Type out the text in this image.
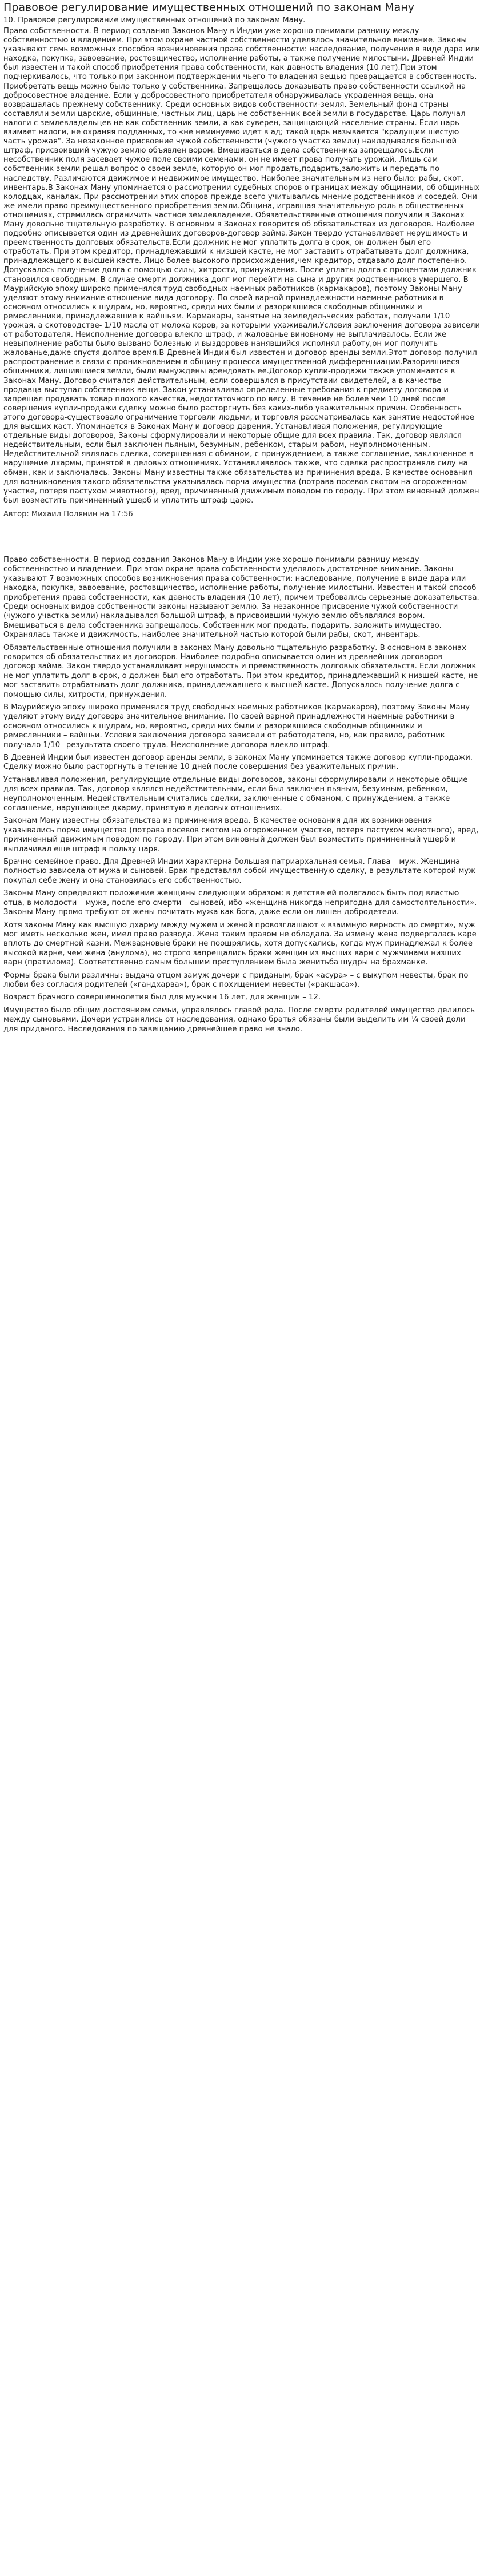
Правовое регулирование имущественных отношений по законам Ману
10. Правовое регулирование имущественных отношений по законам Ману.

Право собственности. В период создания Законов Ману в Индии уже хорошо понимали разницу между собственностью и владением. При этом охране частной собственности уделялось значительное внимание. Законы указывают семь возможных способов возникновения права собственности: наследование, получение в виде дара или находка, покупка, завоевание, ростовщичество, исполнение работы, а также получение милостыни. Древней Индии был известен и такой способ приобретения права собственности, как давность владения (10 лет).При этом подчеркивалось, что только при законном подтверждении чьего-то владения вещью превращается в собственность. Приобретать вещь можно было только у собственника. Запрещалось доказывать право собственности ссылкой на добросовестное владение. Если у добросовестного приобретателя обнаруживалась украденная вещь, она возвращалась прежнему собственнику. Среди основных видов собственности-земля. Земельный фонд страны составляли земли царские, общинные, частных лиц, царь не собственник всей земли в государстве. Царь получал налоги с землевладельцев не как собственник земли, а как суверен, защищающий население страны. Если царь взимает налоги, не охраняя подданных, то «не неминуемо идет в ад; такой царь называется "крадущим шестую часть урожая". За незаконное присвоение чужой собственности (чужого участка земли) накладывался большой штраф, присвоивший чужую землю объявлен вором. Вмешиваться в дела собственника запрещалось.Если несобственник поля засевает чужое поле своими семенами, он не имеет права получать урожай. Лишь сам собственник земли решал вопрос о своей земле, которую он мог продать,подарить,заложить и передать по наследству. Различаются движимое и недвижимое имущество. Наиболее значительным из него было: рабы, скот, инвентарь.В Законах Ману упоминается о рассмотрении судебных споров о границах между общинами, об общинных колодцах, каналах. При рассмотрении этих споров прежде всего учитывались мнение родственников и соседей. Они же имели право преимущественного приобретения земли.Община, игравшая значительную роль в общественных отношениях, стремилась ограничить частное землевладение. Обязательственные отношения получили в Законах Ману довольно тщательную разработку. В основном в Законах говорится об обязательствах из договоров. Наиболее подробно описывается один из древнейших договоров-договор займа.Закон твердо устанавливает нерушимость и преемственность долговых обязательств.Если должник не мог уплатить долга в срок, он должен был его отработать. При этом кредитор, принадлежавший к низшей касте, не мог заставить отрабатывать долг должника, принадлежащего к высшей касте. Лицо более высокого происхождения,чем кредитор, отдавало долг постепенно. Допускалось получение долга с помощью силы, хитрости, принуждения. После уплаты долга с процентами должник становился свободным. В случае смерти должника долг мог перейти на сына и других родственников умершего. В Маурийскую эпоху широко применялся труд свободных наемных работников (кармакаров), поэтому Законы Ману уделяют этому внимание отношение вида договору. По своей варной принадлежности наемные работники в основном относились к шудрам, но, вероятно, среди них были и разорившиеся свободные общинники и ремесленники, принадлежавшие к вайшьям. Кармакары, занятые на земледельческих работах, получали 1/10 урожая, а скотоводстве- 1/10 масла от молока коров, за которыми ухаживали.Условия заключения договора зависели от работодателя. Неисполнение договора влекло штраф, и жалованье виновному не выплачивалось. Если же невыполнение работы было вызвано болезнью и выздоровев нанявшийся исполнял работу,он мог получить жалованье,даже спустя долгое время.В Древней Индии был известен и договор аренды земли.Этот договор получил распространение в связи с проникновением в общину процесса имущественной дифференциации.Разорившиеся общинники, лишившиеся земли, были вынуждены арендовать ее.Договор купли-продажи также упоминается в Законах Ману. Договор считался действительным, если совершался в присутствии свидетелей, а в качестве продавца выступал собственник вещи. Закон устанавливал определенные требования к предмету договора и запрещал продавать товар плохого качества, недостаточного по весу. В течение не более чем 10 дней после совершения купли-продажи сделку можно было расторгнуть без каких-либо уважительных причин. Особенность этого договора-существовало ограничение торговли людьми, и торговля рассматривалась как занятие недостойное для высших каст. Упоминается в Законах Ману и договор дарения. Устанавливая положения, регулирующие отдельные виды договоров, Законы сформулировали и некоторые общие для всех правила. Так, договор являлся недействительным, если был заключен пьяным, безумным, ребенком, старым рабом, неуполномоченным. Недействительной являлась сделка, совершенная с обманом, с принуждением, а также соглашение, заключенное в нарушение дхармы, принятой в деловых отношениях. Устанавливалось также, что сделка распространяла силу на обман, как и заключалась. Законы Ману известны также обязательства из причинения вреда. В качестве основания для возникновения такого обязательства указывалась порча имущества (потрава посевов скотом на огороженном участке, потеря пастухом животного), вред, причиненный движимым поводом по городу. При этом виновный должен был возместить причиненный ущерб и уплатить штраф царю.

Автор: Михаил Полянин на 17:56

Право собственности. В период создания Законов Ману в Индии уже хорошо понимали разницу между собственностью и владением. При этом охране права собственности уделялось достаточное внимание. Законы указывают 7 возможных способов возникновения права собственности: наследование, получение в виде дара или находка, покупка, завоевание, ростовщичество, исполнение работы, получение милостыни. Известен и такой способ приобретения права собственности, как давность владения (10 лет), причем требовались серьезные доказательства. Среди основных видов собственности законы называют землю. За незаконное присвоение чужой собственности (чужого участка земли) накладывался большой штраф, а присвоивший чужую землю объявлялся вором. Вмешиваться в дела собственника запрещалось. Собственник мог продать, подарить, заложить имущество. Охранялась также и движимость, наиболее значительной частью которой были рабы, скот, инвентарь.

Обязательственные отношения получили в законах Ману довольно тщательную разработку. В основном в законах говорится об обязательствах из договоров. Наиболее подробно описывается один из древнейших договоров – договор займа. Закон твердо устанавливает нерушимость и преемственность долговых обязательств. Если должник не мог уплатить долг в срок, о должен был его отработать. При этом кредитор, принадлежавший к низшей касте, не мог заставить отрабатывать долг должника, принадлежавшего к высшей касте. Допускалось получение долга с помощью силы, хитрости, принуждения.

В Маурийскую эпоху широко применялся труд свободных наемных работников (кармакаров), поэтому Законы Ману уделяют этому виду договора значительное внимание. По своей варной принадлежности наемные работники в основном относились к шудрам, но, вероятно, среди них были и разорившиеся свободные общинники и ремесленники – вайшьи. Условия заключения договора зависели от работодателя, но, как правило, работник получало 1/10 –результата своего труда. Неисполнение договора влекло штраф.

В Древней Индии был известен договор аренды земли, в законах Ману упоминается также договор купли-продажи. Сделку можно было расторгнуть в течение 10 дней после совершения без уважительных причин.

Устанавливая положения, регулирующие отдельные виды договоров, законы сформулировали и некоторые общие для всех правила. Так, договор являлся недействительным, если был заключен пьяным, безумным, ребенком, неуполномоченным. Недействительным считались сделки, заключенные с обманом, с принуждением, а также соглашение, нарушающее дхарму, принятую в деловых отношениях.

Законам Ману известны обязательства из причинения вреда. В качестве основания для их возникновения указывались порча имущества (потрава посевов скотом на огороженном участке, потеря пастухом животного), вред, причиненный движимым поводом по городу. При этом виновный должен был возместить причиненный ущерб и выплачивал еще штраф в пользу царя.

Брачно-семейное право. Для Древней Индии характерна большая патриархальная семья. Глава – муж. Женщина полностью зависела от мужа и сыновей. Брак представлял собой имущественную сделку, в результате которой муж покупал себе жену и она становилась его собственностью.

Законы Ману определяют положение женщины следующим образом: в детстве ей полагалось быть под властью отца, в молодости – мужа, после его смерти – сыновей, ибо «женщина никогда непригодна для самостоятельности». Законы Ману прямо требуют от жены почитать мужа как бога, даже если он лишен добродетели.

Хотя законы Ману как высшую дхарму между мужем и женой провозглашают « взаимную верность до смерти», муж мог иметь несколько жен, имел право развода. Жена таким правом не обладала. За измену жена подвергалась каре вплоть до смертной казни. Межварновые браки не поощрялись, хотя допускались, когда муж принадлежал к более высокой варне, чем жена (анулома), но строго запрещались браки женщин из высших варн с мужчинами низших варн (пратилома). Соответственно самым большим преступлением была женитьба шудры на брахманке.

Формы брака были различны: выдача отцом замуж дочери с приданым, брак «асура» – с выкупом невесты, брак по любви без согласия родителей («гандхарва»), брак с похищением невесты («ракшаса»).

Возраст брачного совершеннолетия был для мужчин 16 лет, для женщин – 12.

Имущество было общим достоянием семьи, управлялось главой рода. После смерти родителей имущество делилось между сыновьями. Дочери устранялись от наследования, однако братья обязаны были выделить им ¼ своей доли для приданого. Наследования по завещанию древнейшее право не знало.
